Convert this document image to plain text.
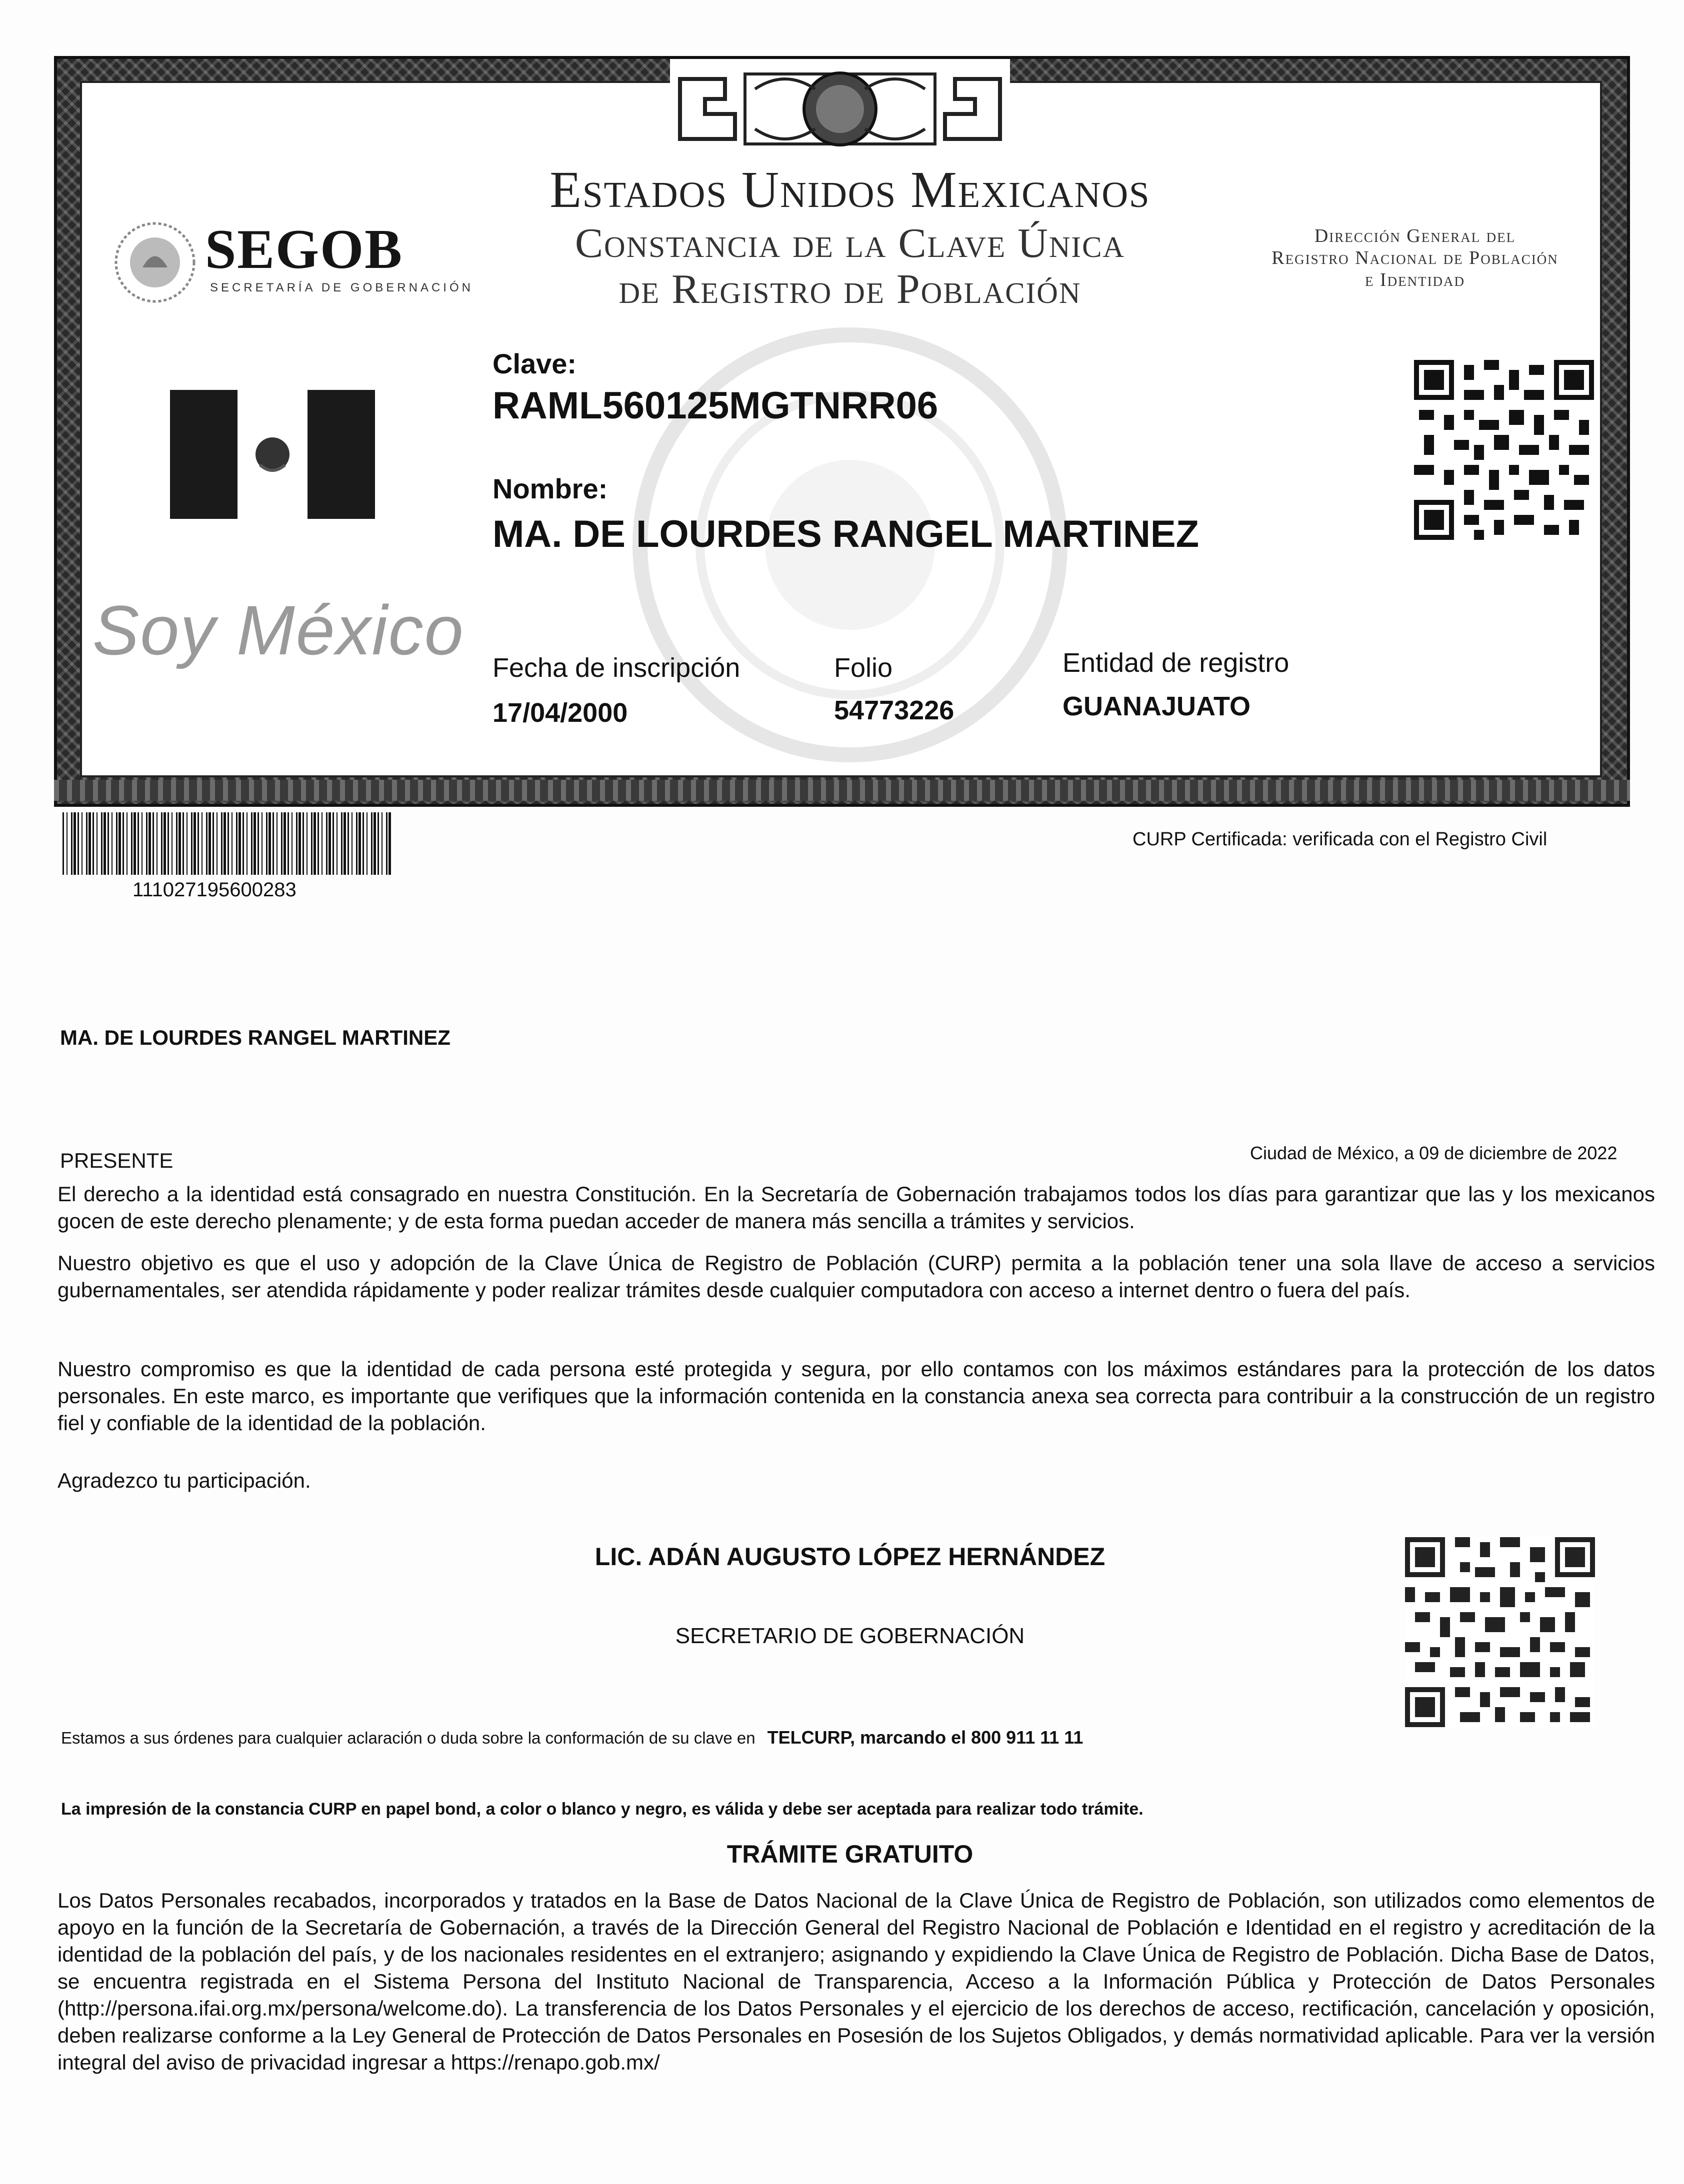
Estados Unidos Mexicanos
Constancia de la Clave Única
de Registro de Población
Dirección General del
Registro Nacional de Población
e Identidad
SEGOB
SECRETARÍA DE GOBERNACIÓN
Soy México
Clave:
RAML560125MGTNRR06
Nombre:
MA. DE LOURDES RANGEL MARTINEZ
Fecha de inscripción
17/04/2000
Folio
54773226
Entidad de registro
GUANAJUATO
111027195600283
CURP Certificada: verificada con el Registro Civil
MA. DE LOURDES RANGEL MARTINEZ
PRESENTE	Ciudad de México, a 09 de diciembre de 2022
El derecho a la identidad está consagrado en nuestra Constitución. En la Secretaría de Gobernación trabajamos todos los días para garantizar que las y los mexicanos gocen de este derecho plenamente; y de esta forma puedan acceder de manera más sencilla a trámites y servicios.
Nuestro objetivo es que el uso y adopción de la Clave Única de Registro de Población (CURP) permita a la población tener una sola llave de acceso a servicios gubernamentales, ser atendida rápidamente y poder realizar trámites desde cualquier computadora con acceso a internet dentro o fuera del país.
Nuestro compromiso es que la identidad de cada persona esté protegida y segura, por ello contamos con los máximos estándares para la protección de los datos personales. En este marco, es importante que verifiques que la información contenida en la constancia anexa sea correcta para contribuir a la construcción de un registro fiel y confiable de la identidad de la población.
Agradezco tu participación.
LIC. ADÁN AUGUSTO LÓPEZ HERNÁNDEZ
SECRETARIO DE GOBERNACIÓN
Estamos a sus órdenes para cualquier aclaración o duda sobre la conformación de su clave en TELCURP, marcando el 800 911 11 11
La impresión de la constancia CURP en papel bond, a color o blanco y negro, es válida y debe ser aceptada para realizar todo trámite.
TRÁMITE GRATUITO
Los Datos Personales recabados, incorporados y tratados en la Base de Datos Nacional de la Clave Única de Registro de Población, son utilizados como elementos de apoyo en la función de la Secretaría de Gobernación, a través de la Dirección General del Registro Nacional de Población e Identidad en el registro y acreditación de la identidad de la población del país, y de los nacionales residentes en el extranjero; asignando y expidiendo la Clave Única de Registro de Población. Dicha Base de Datos, se encuentra registrada en el Sistema Persona del Instituto Nacional de Transparencia, Acceso a la Información Pública y Protección de Datos Personales (http://persona.ifai.org.mx/persona/welcome.do). La transferencia de los Datos Personales y el ejercicio de los derechos de acceso, rectificación, cancelación y oposición, deben realizarse conforme a la Ley General de Protección de Datos Personales en Posesión de los Sujetos Obligados, y demás normatividad aplicable. Para ver la versión integral del aviso de privacidad ingresar a https://renapo.gob.mx/
